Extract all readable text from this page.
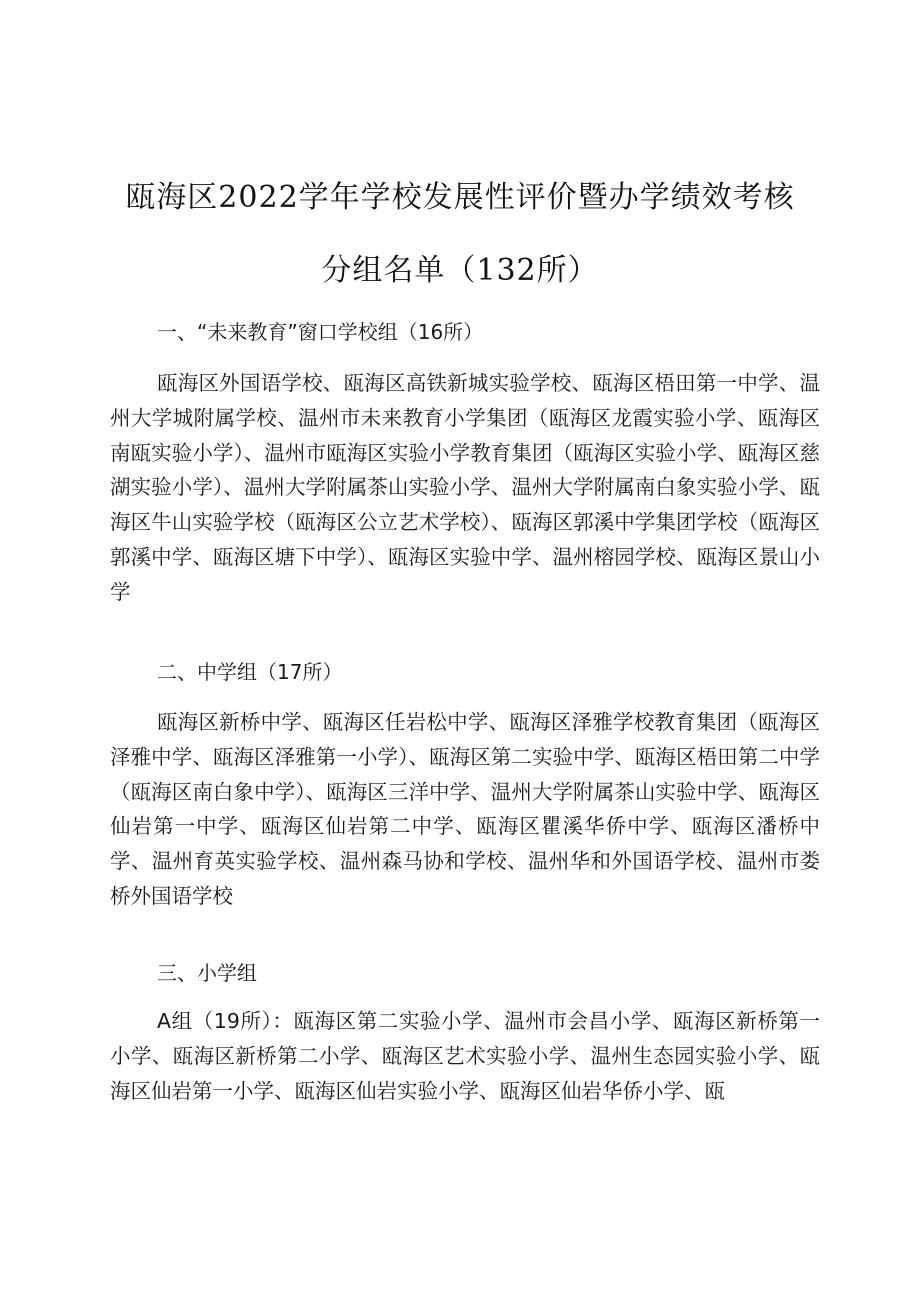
瓯海区2022学年学校发展性评价暨办学绩效考核
分组名单（132所）
一、“未来教育”窗口学校组（16所）
瓯海区外国语学校、瓯海区高铁新城实验学校、瓯海区梧田第一中学、温州大学城附属学校、温州市未来教育小学集团（瓯海区龙霞实验小学、瓯海区南瓯实验小学）、温州市瓯海区实验小学教育集团（瓯海区实验小学、瓯海区慈湖实验小学）、温州大学附属茶山实验小学、温州大学附属南白象实验小学、瓯海区牛山实验学校（瓯海区公立艺术学校）、瓯海区郭溪中学集团学校（瓯海区郭溪中学、瓯海区塘下中学）、瓯海区实验中学、温州榕园学校、瓯海区景山小学
二、中学组（17所）
瓯海区新桥中学、瓯海区任岩松中学、瓯海区泽雅学校教育集团（瓯海区泽雅中学、瓯海区泽雅第一小学）、瓯海区第二实验中学、瓯海区梧田第二中学（瓯海区南白象中学）、瓯海区三洋中学、温州大学附属茶山实验中学、瓯海区仙岩第一中学、瓯海区仙岩第二中学、瓯海区瞿溪华侨中学、瓯海区潘桥中学、温州育英实验学校、温州森马协和学校、温州华和外国语学校、温州市娄桥外国语学校
三、小学组
A组（19所）：瓯海区第二实验小学、温州市会昌小学、瓯海区新桥第一小学、瓯海区新桥第二小学、瓯海区艺术实验小学、温州生态园实验小学、瓯海区仙岩第一小学、瓯海区仙岩实验小学、瓯海区仙岩华侨小学、瓯
